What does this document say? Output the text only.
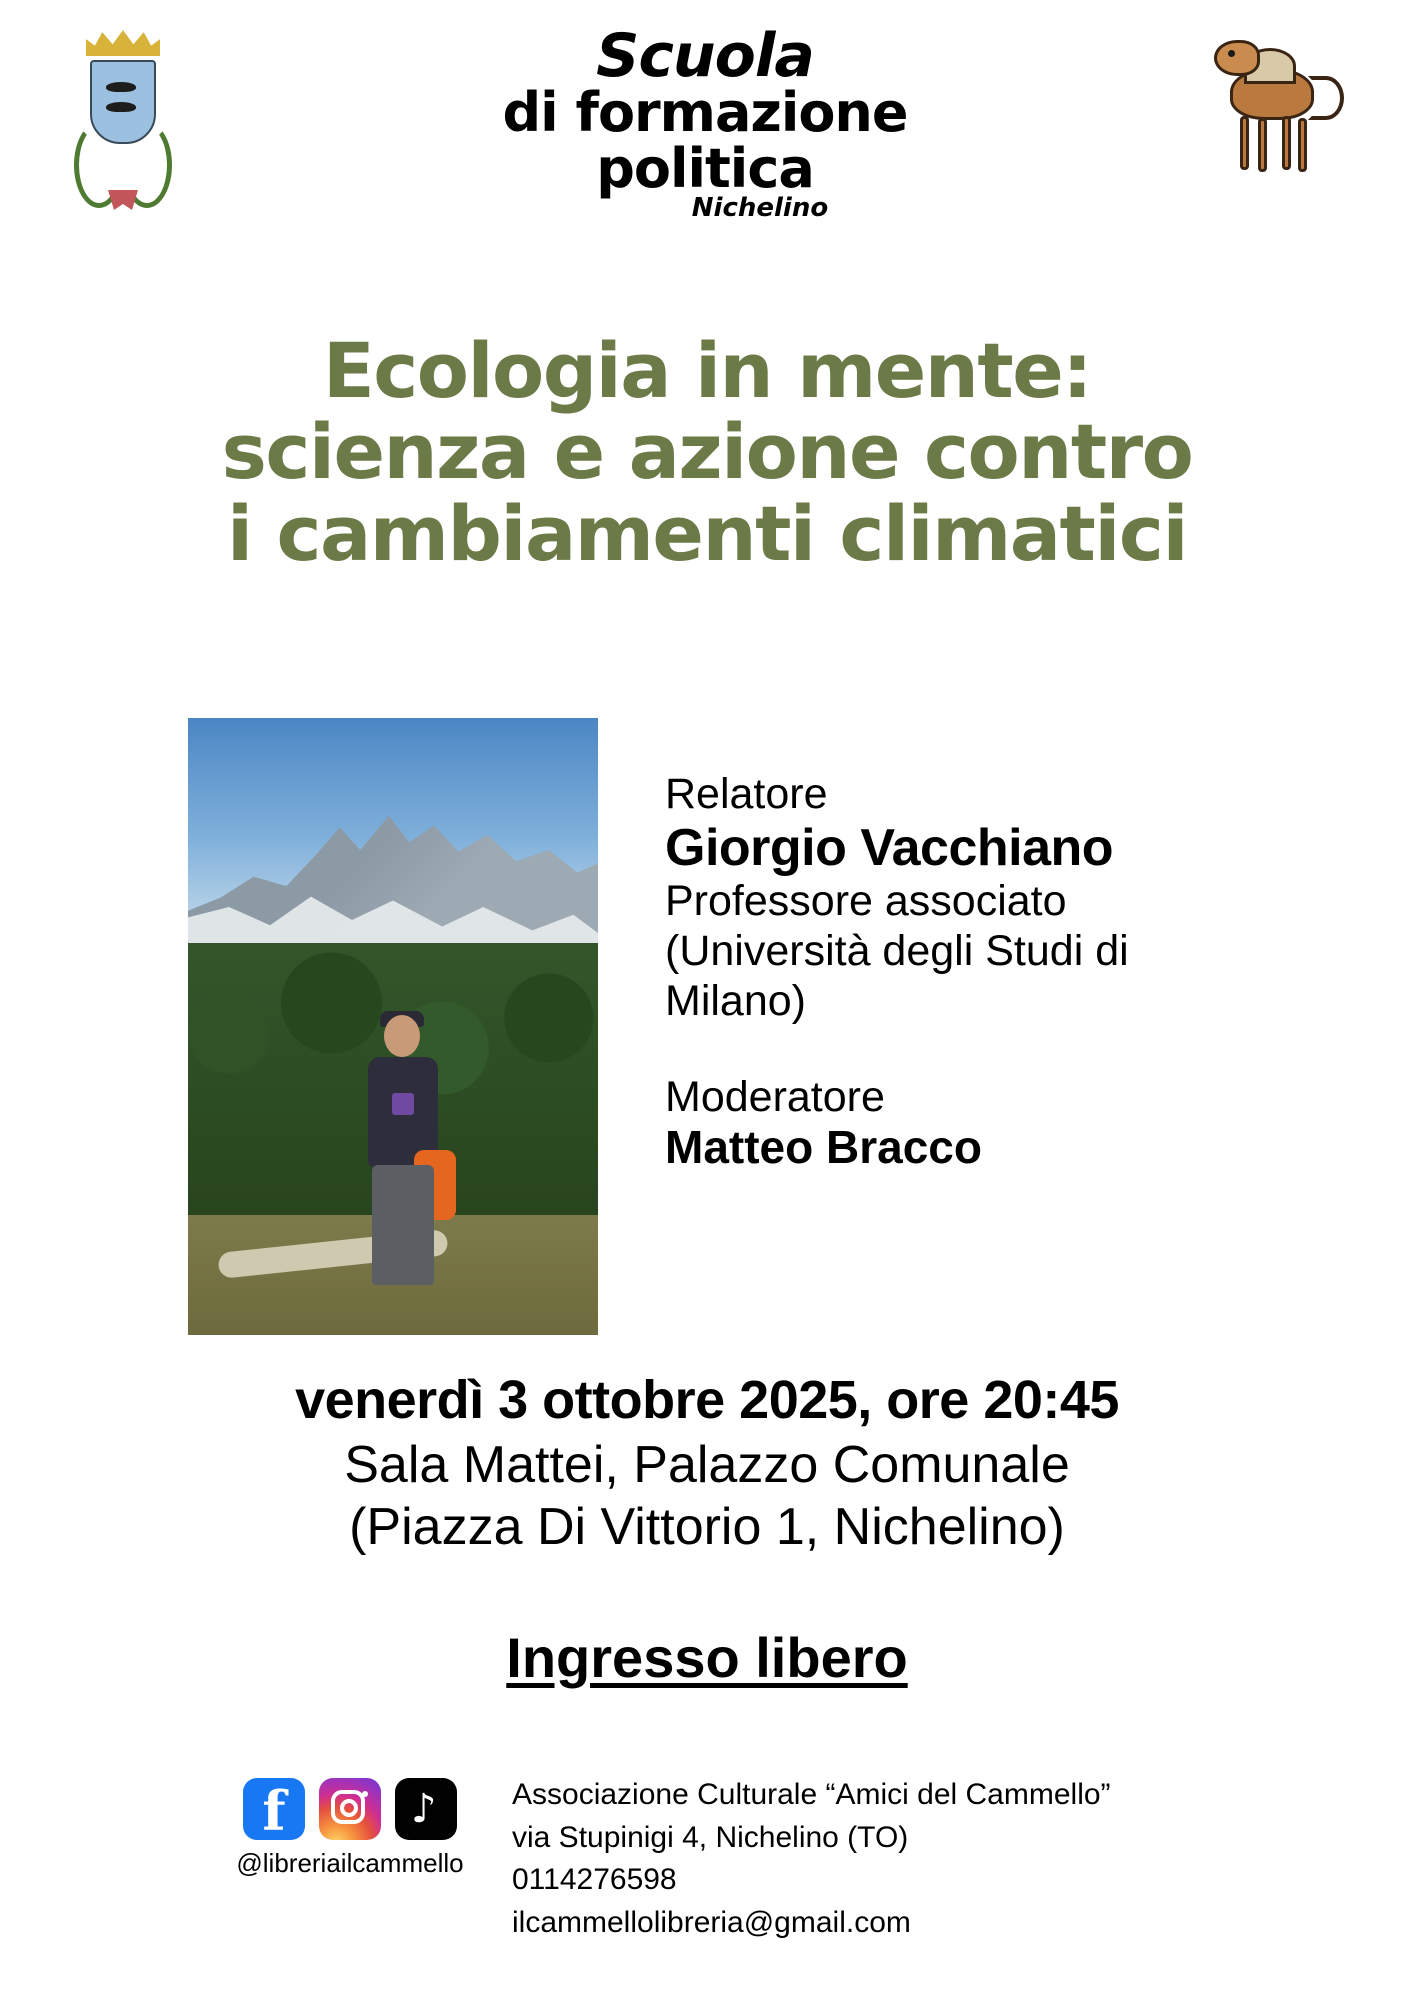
Scuola
di formazione
politica
Nichelino
Ecologia in mente:
scienza e azione contro
i cambiamenti climatici
Relatore
Giorgio Vacchiano
Professore associato
(Università degli Studi di
Milano)
Moderatore
Matteo Bracco
venerdì 3 ottobre 2025, ore 20:45
Sala Mattei, Palazzo Comunale
(Piazza Di Vittorio 1, Nichelino)
Ingresso libero
f	♪
@libreriailcammello
Associazione Culturale “Amici del Cammello”
via Stupinigi 4, Nichelino (TO)
0114276598
ilcammellolibreria@gmail.com
